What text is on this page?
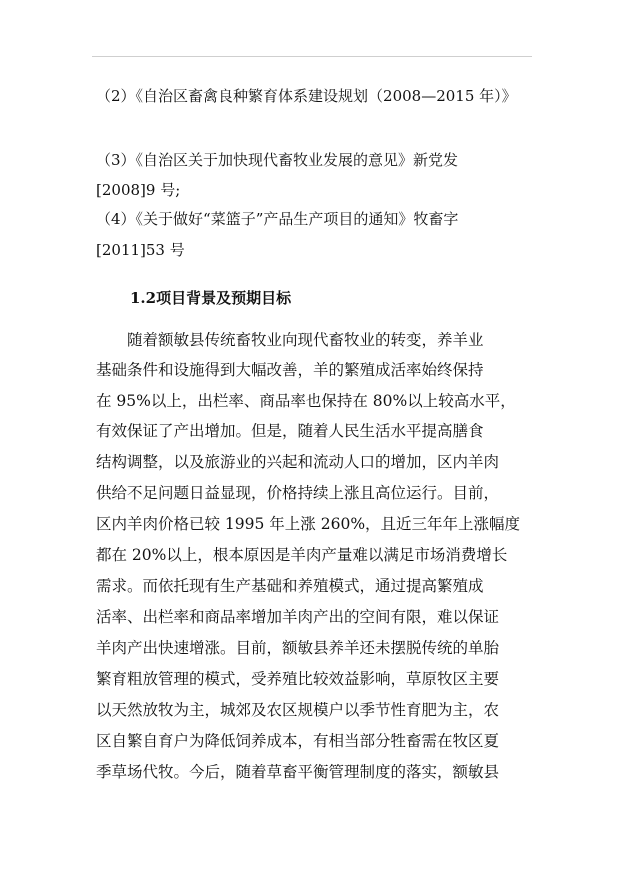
（2）《自治区畜禽良种繁育体系建设规划（2008—2015 年）》
（3）《自治区关于加快现代畜牧业发展的意见》新党发
[2008]9 号;
（4）《关于做好“菜篮子”产品生产项目的通知》牧畜字
[2011]53 号
1.2项目背景及预期目标
　　随着额敏县传统畜牧业向现代畜牧业的转变，养羊业
基础条件和设施得到大幅改善，羊的繁殖成活率始终保持
在 95%以上，出栏率、商品率也保持在 80%以上较高水平，
有效保证了产出增加。但是，随着人民生活水平提高膳食
结构调整，以及旅游业的兴起和流动人口的增加，区内羊肉
供给不足问题日益显现，价格持续上涨且高位运行。目前，
区内羊肉价格已较 1995 年上涨 260%，且近三年年上涨幅度
都在 20%以上，根本原因是羊肉产量难以满足市场消费增长
需求。而依托现有生产基础和养殖模式，通过提高繁殖成
活率、出栏率和商品率增加羊肉产出的空间有限，难以保证
羊肉产出快速增涨。目前，额敏县养羊还未摆脱传统的单胎
繁育粗放管理的模式，受养殖比较效益影响，草原牧区主要
以天然放牧为主，城郊及农区规模户以季节性育肥为主，农
区自繁自育户为降低饲养成本，有相当部分牲畜需在牧区夏
季草场代牧。今后，随着草畜平衡管理制度的落实，额敏县
